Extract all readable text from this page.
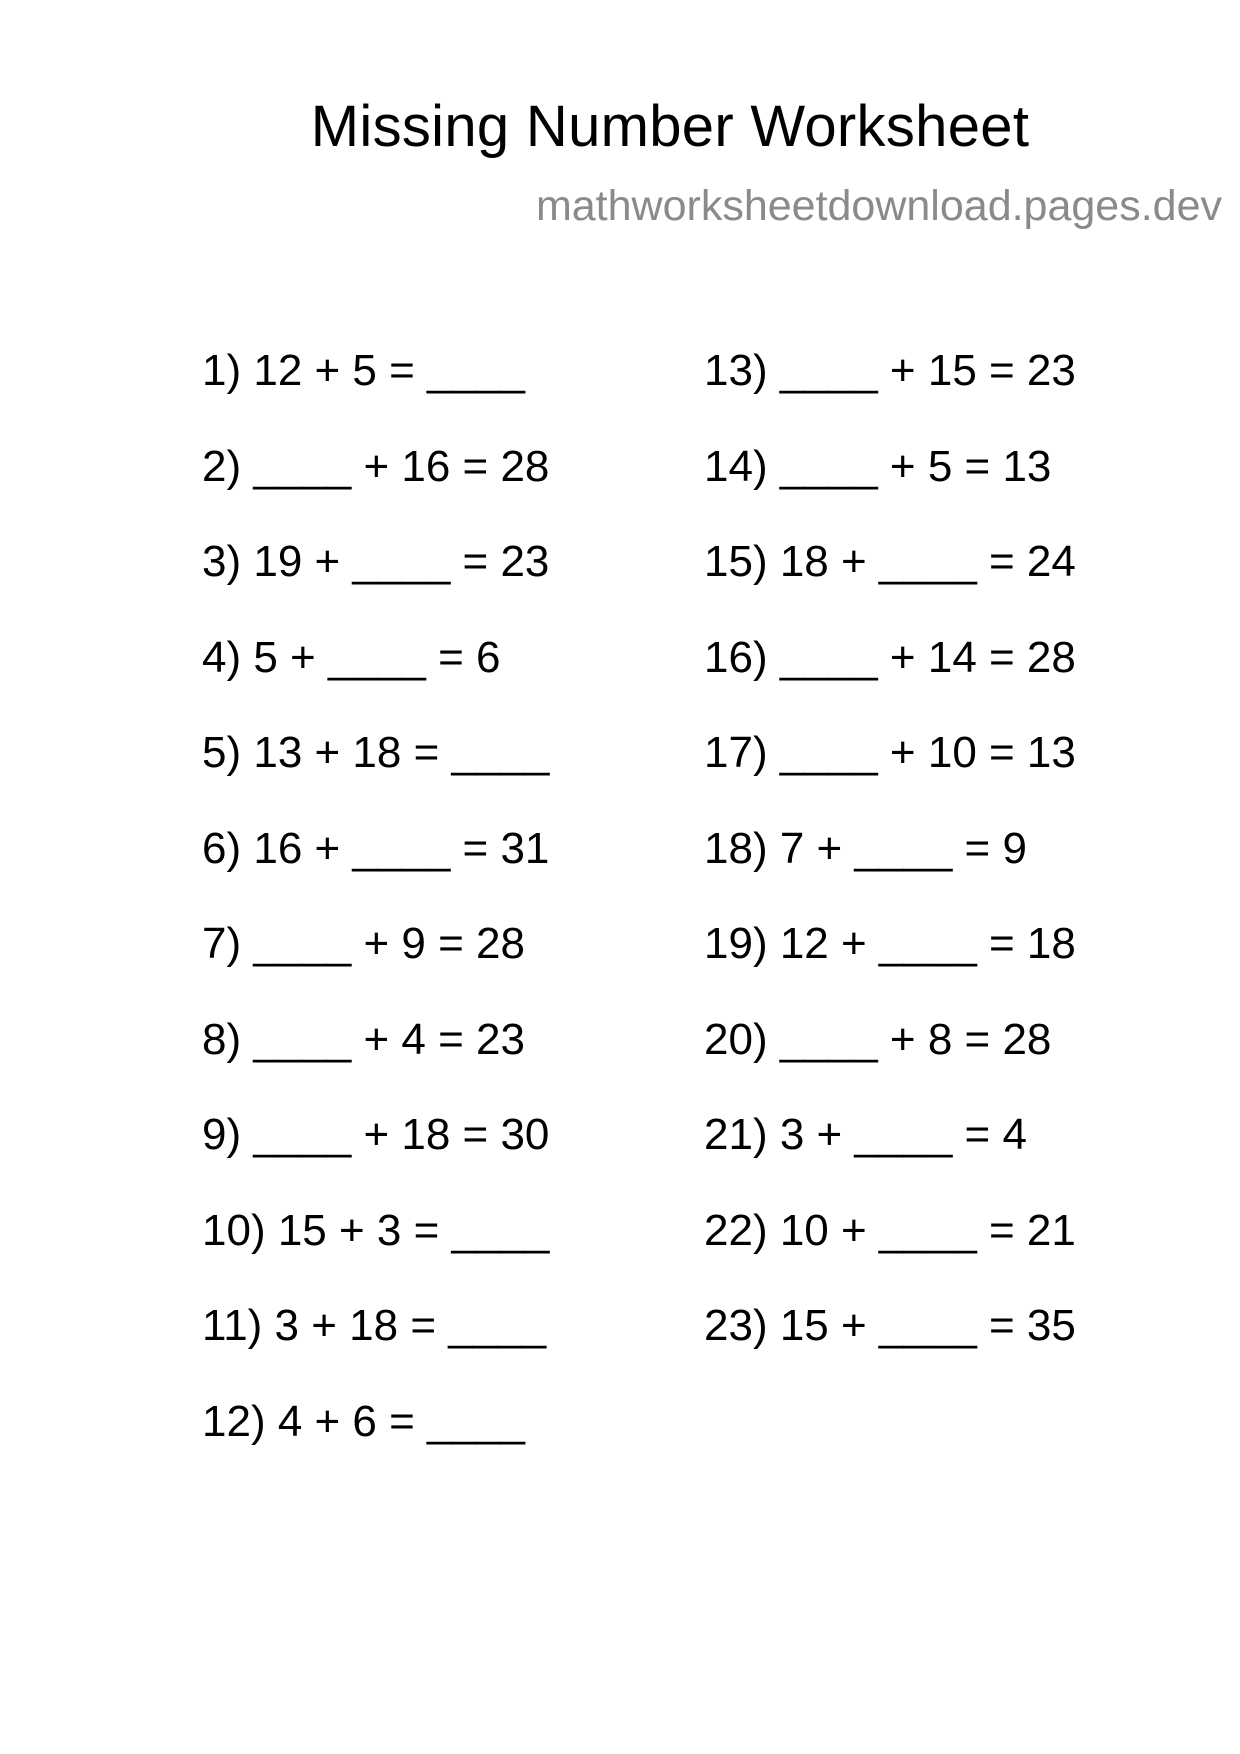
Missing Number Worksheet
mathworksheetdownload.pages.dev
1) 12 + 5 = ____
2) ____ + 16 = 28
3) 19 + ____ = 23
4) 5 + ____ = 6
5) 13 + 18 = ____
6) 16 + ____ = 31
7) ____ + 9 = 28
8) ____ + 4 = 23
9) ____ + 18 = 30
10) 15 + 3 = ____
11) 3 + 18 = ____
12) 4 + 6 = ____
13) ____ + 15 = 23
14) ____ + 5 = 13
15) 18 + ____ = 24
16) ____ + 14 = 28
17) ____ + 10 = 13
18) 7 + ____ = 9
19) 12 + ____ = 18
20) ____ + 8 = 28
21) 3 + ____ = 4
22) 10 + ____ = 21
23) 15 + ____ = 35
